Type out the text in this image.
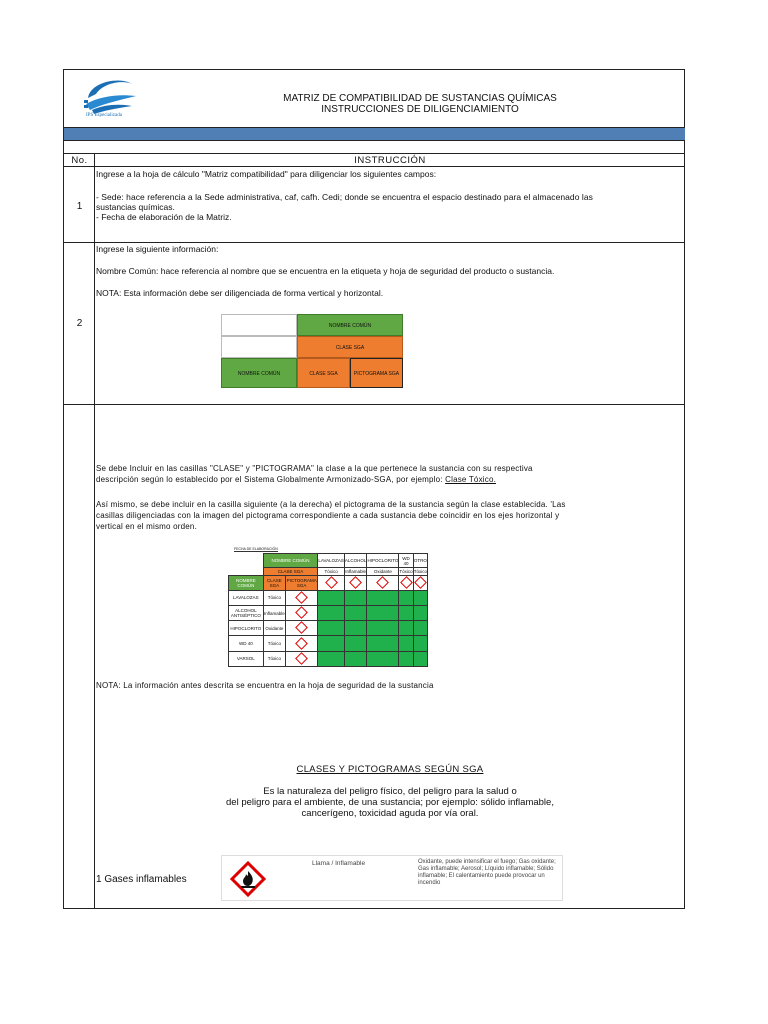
IPS Especializada
MATRIZ DE COMPATIBILIDAD DE SUSTANCIAS QUÍMICAS
INSTRUCCIONES DE DILIGENCIAMIENTO
No.	INSTRUCCIÓN
1
Ingrese a la hoja de cálculo "Matriz compatibilidad" para diligenciar los siguientes campos:
- Sede: hace referencia a la Sede administrativa, caf, cafh. Cedi; donde se encuentra el espacio destinado para el almacenado las
sustancias químicas.
- Fecha de elaboración de la Matriz.
2
Ingrese la siguiente información:
Nombre Común: hace referencia al nombre que se encuentra en la etiqueta y hoja de seguridad del producto o sustancia.
NOTA: Esta información debe ser diligenciada de forma vertical y horizontal.
NOMBRE COMÚN
CLASE SGA
NOMBRE COMÚN	CLASE SGA	PICTOGRAMA SGA
Se debe Incluir en las casillas "CLASE" y "PICTOGRAMA" la clase a la que pertenece la sustancia con su respectiva
descripción según lo establecido por el Sistema Globalmente Armonizado-SGA, por ejemplo: Clase Tóxico.
Así mismo, se debe incluir en la casilla siguiente (a la derecha) el pictograma de la sustancia según la clase establecida. 'Las
casillas diligenciadas con la imagen del pictograma correspondiente a cada sustancia debe coincidir en los ejes horizontal y
vertical en el mismo orden.
FECHA DE ELABORACIÓN
	NOMBRE COMÚN		LAVALOZAS	ALCOHOL	HIPOCLORITO	WD 40	OTRO
	CLASE SGA		Tóxico	Inflamable	Oxidante	Tóxico	Tóxico
NOMBRE COMÚN	CLASE SGA	PICTOGRAMA SGA					
LAVALOZAS	Tóxico						
ALCOHOL ANTISÉPTICO	Inflamable						
HIPOCLORITO	Oxidante						
WD 40	Tóxico						
VARSOL	Tóxico						
NOTA: La información antes descrita se encuentra en la hoja de seguridad de la sustancia
CLASES Y PICTOGRAMAS SEGÚN SGA
Es la naturaleza del peligro físico, del peligro para la salud o
del peligro para el ambiente, de una sustancia; por ejemplo: sólido inflamable,
cancerígeno, toxicidad aguda por vía oral.
1 Gases inflamables
Llama / Inflamable	Oxidante, puede intensificar el fuego; Gas oxidante; Gas inflamable; Aerosol; Líquido inflamable; Sólido inflamable; El calentamiento puede provocar un incendio
